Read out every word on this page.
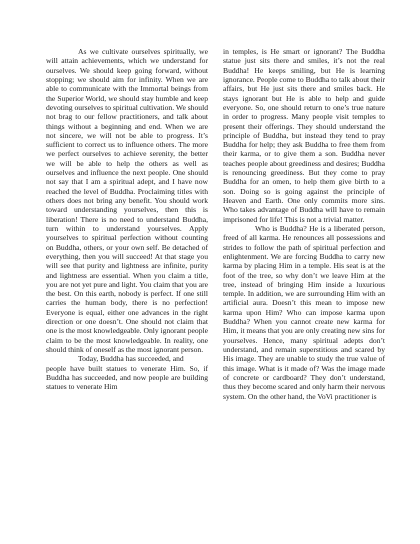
As we cultivate ourselves spiritually, we will attain achievements, which we understand for ourselves. We should keep going forward, without stopping; we should aim for infinity. When we are able to communicate with the Immortal beings from the Superior World, we should stay humble and keep devoting ourselves to spiritual cultivation. We should not brag to our fellow practitioners, and talk about things without a beginning and end. When we are not sincere, we will not be able to progress. It’s sufficient to correct us to influence others. The more we perfect ourselves to achieve serenity, the better we will be able to help the others as well as ourselves and influence the next people. One should not say that I am a spiritual adept, and I have now reached the level of Buddha. Proclaiming titles with others does not bring any benefit. You should work toward understanding yourselves, then this is liberation! There is no need to understand Buddha, turn within to understand yourselves. Apply yourselves to spiritual perfection without counting on Buddha, others, or your own self. Be detached of everything, then you will succeed! At that stage you will see that purity and lightness are infinite, purity and lightness are essential. When you claim a title, you are not yet pure and light. You claim that you are the best. On this earth, nobody is perfect. If one still carries the human body, there is no perfection! Everyone is equal, either one advances in the right direction or one doesn’t. One should not claim that one is the most knowledgeable. Only ignorant people claim to be the most knowledgeable. In reality, one should think of oneself as the most ignorant person.

Today, Buddha has succeeded, and

people have built statues to venerate Him. So, if Buddha has succeeded, and now people are building statues to venerate Him

in temples, is He smart or ignorant? The Buddha statue just sits there and smiles, it’s not the real Buddha! He keeps smiling, but He is learning ignorance. People come to Buddha to talk about their affairs, but He just sits there and smiles back. He stays ignorant but He is able to help and guide everyone. So, one should return to one’s true nature in order to progress. Many people visit temples to present their offerings. They should understand the principle of Buddha, but instead they tend to pray Buddha for help; they ask Buddha to free them from their karma, or to give them a son. Buddha never teaches people about greediness and desires; Buddha is renouncing greediness. But they come to pray Buddha for an omen, to help them give birth to a son. Doing so is going against the principle of Heaven and Earth. One only commits more sins. Who takes advantage of Buddha will have to remain imprisoned for life! This is not a trivial matter.

Who is Buddha? He is a liberated person, freed of all karma. He renounces all possessions and strides to follow the path of spiritual perfection and enlightenment. We are forcing Buddha to carry new karma by placing Him in a temple. His seat is at the foot of the tree, so why don’t we leave Him at the tree, instead of bringing Him inside a luxurious temple. In addition, we are surrounding Him with an artificial aura. Doesn’t this mean to impose new karma upon Him? Who can impose karma upon Buddha? When you cannot create new karma for Him, it means that you are only creating new sins for yourselves. Hence, many spiritual adepts don’t understand, and remain superstitious and scared by His image. They are unable to study the true value of this image. What is it made of? Was the image made of concrete or cardboard? They don’t understand, thus they become scared and only harm their nervous system. On the other hand, the VoVi practitioner is
